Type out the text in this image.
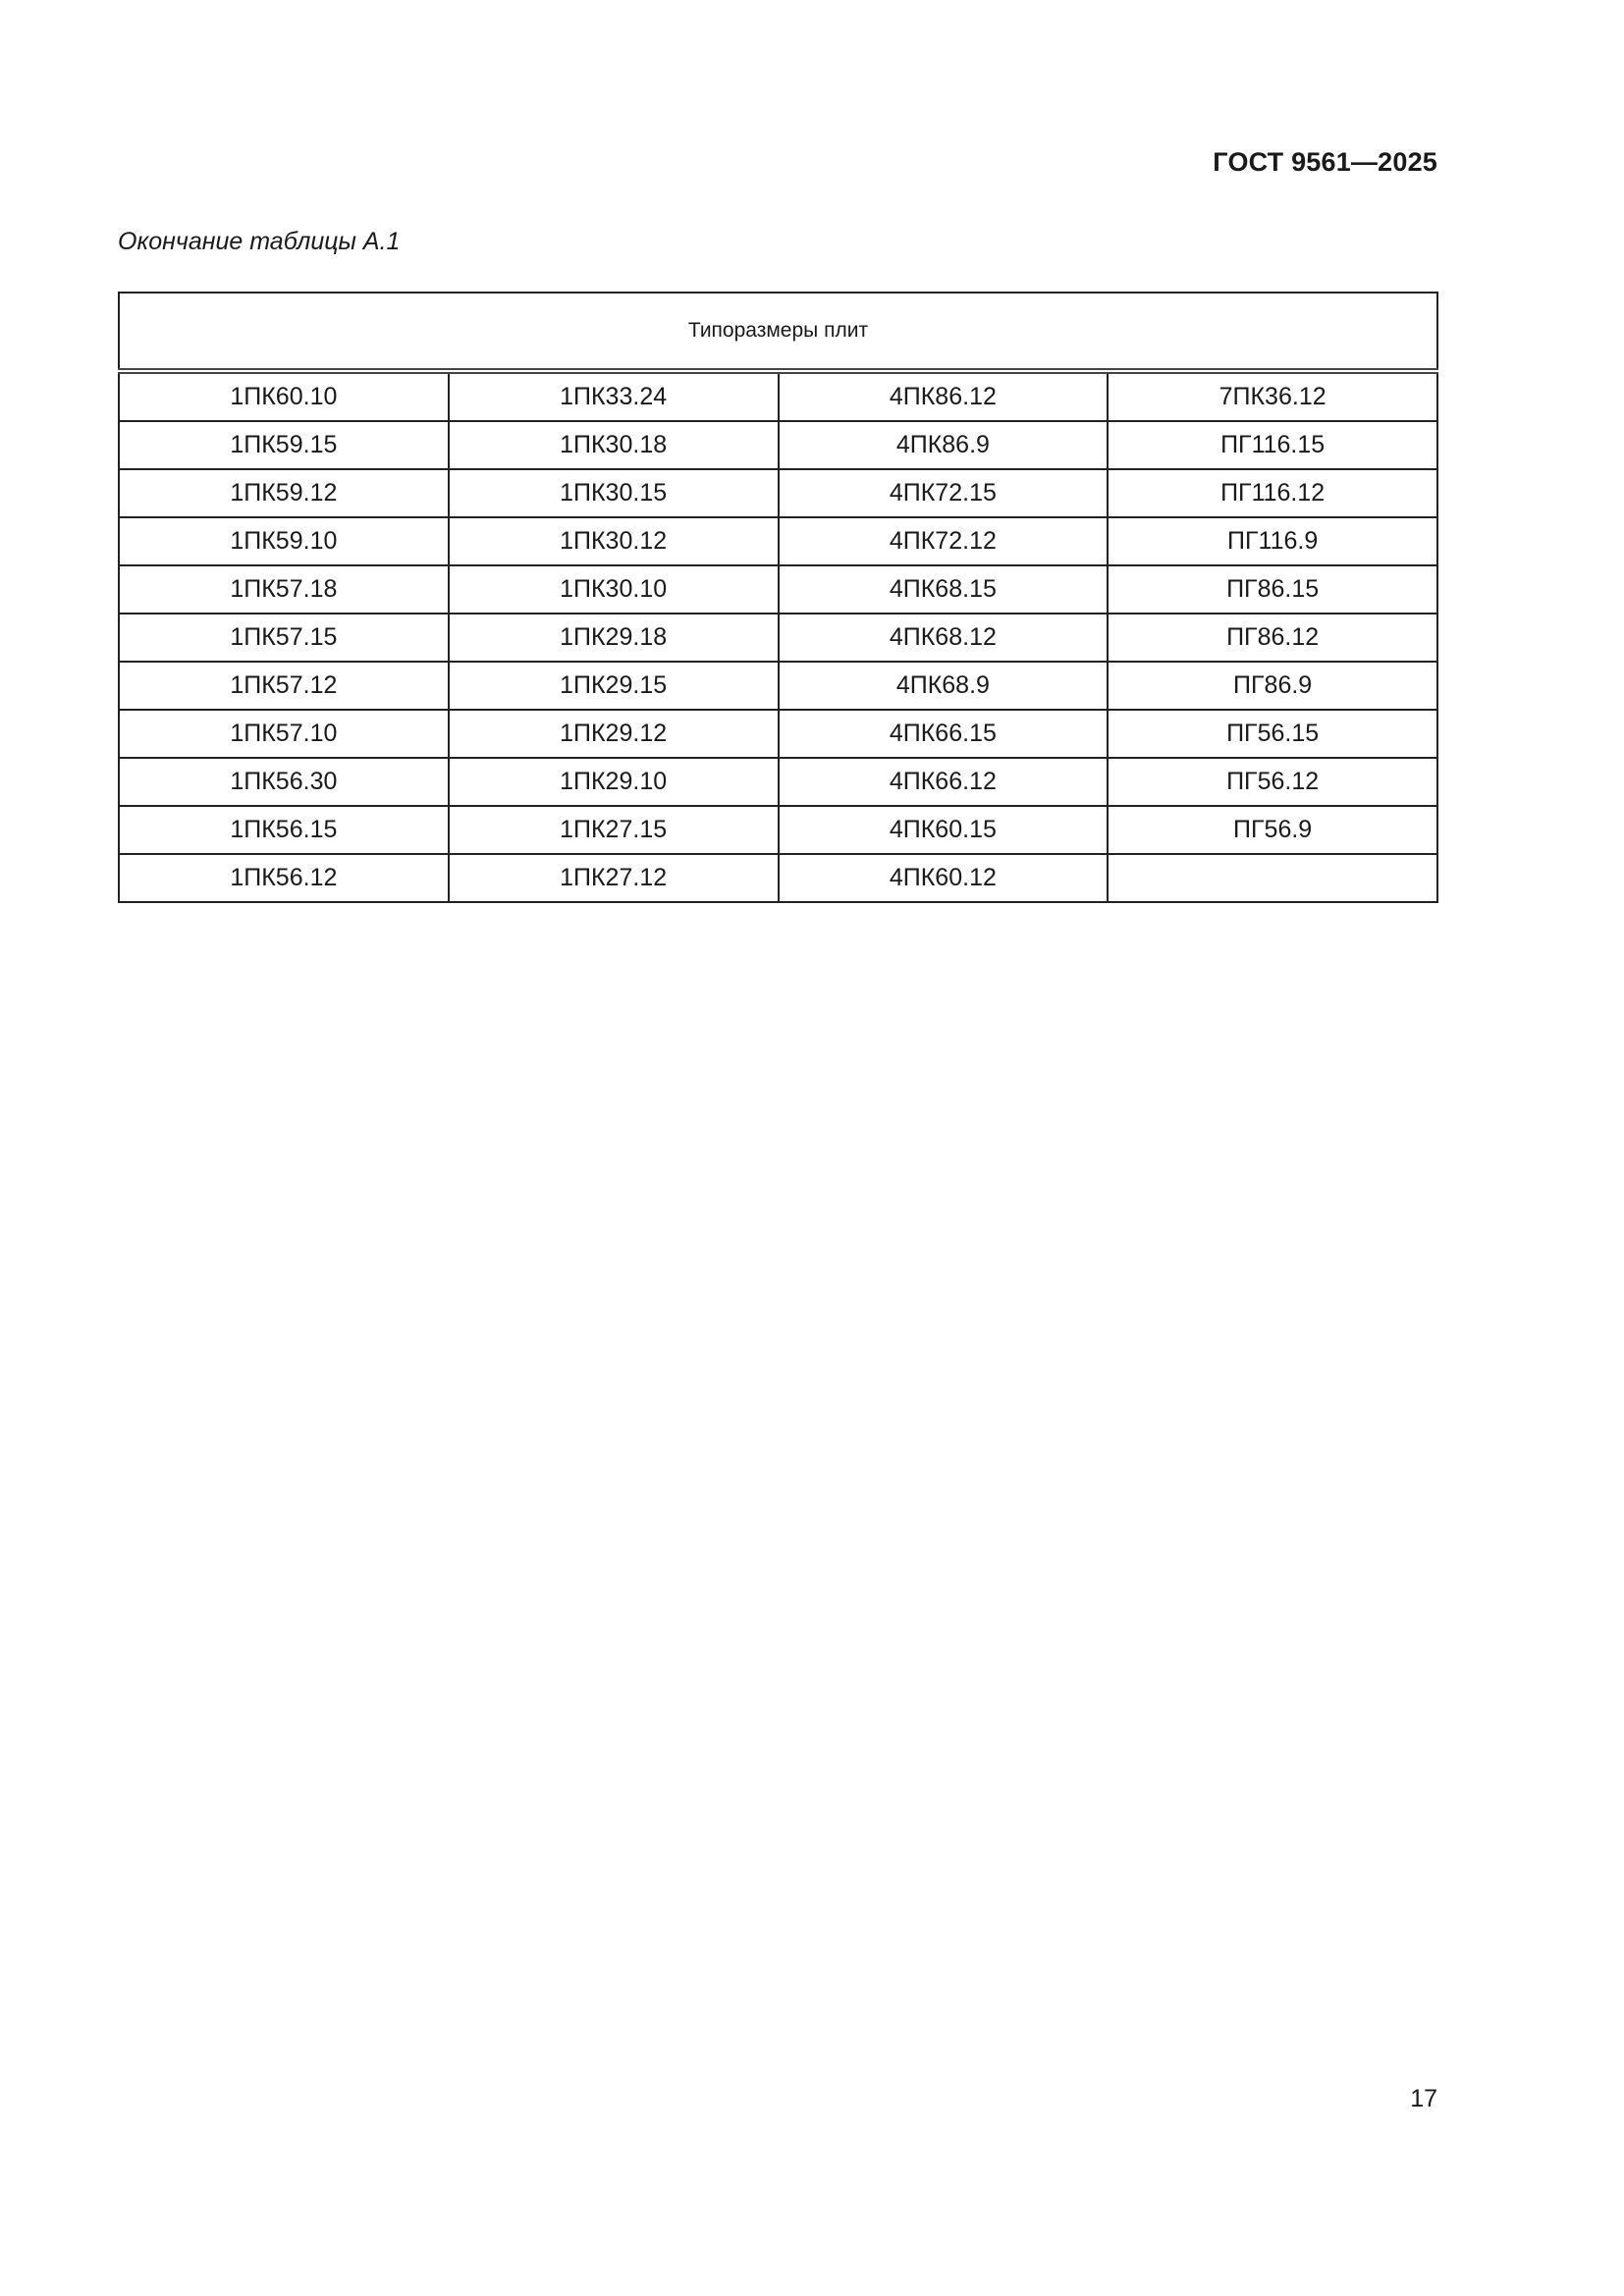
ГОСТ 9561—2025
Окончание таблицы А.1
Типоразмеры плит			
1ПК60.10	1ПК33.24	4ПК86.12	7ПК36.12
1ПК59.15	1ПК30.18	4ПК86.9	ПГ116.15
1ПК59.12	1ПК30.15	4ПК72.15	ПГ116.12
1ПК59.10	1ПК30.12	4ПК72.12	ПГ116.9
1ПК57.18	1ПК30.10	4ПК68.15	ПГ86.15
1ПК57.15	1ПК29.18	4ПК68.12	ПГ86.12
1ПК57.12	1ПК29.15	4ПК68.9	ПГ86.9
1ПК57.10	1ПК29.12	4ПК66.15	ПГ56.15
1ПК56.30	1ПК29.10	4ПК66.12	ПГ56.12
1ПК56.15	1ПК27.15	4ПК60.15	ПГ56.9
1ПК56.12	1ПК27.12	4ПК60.12	
17
